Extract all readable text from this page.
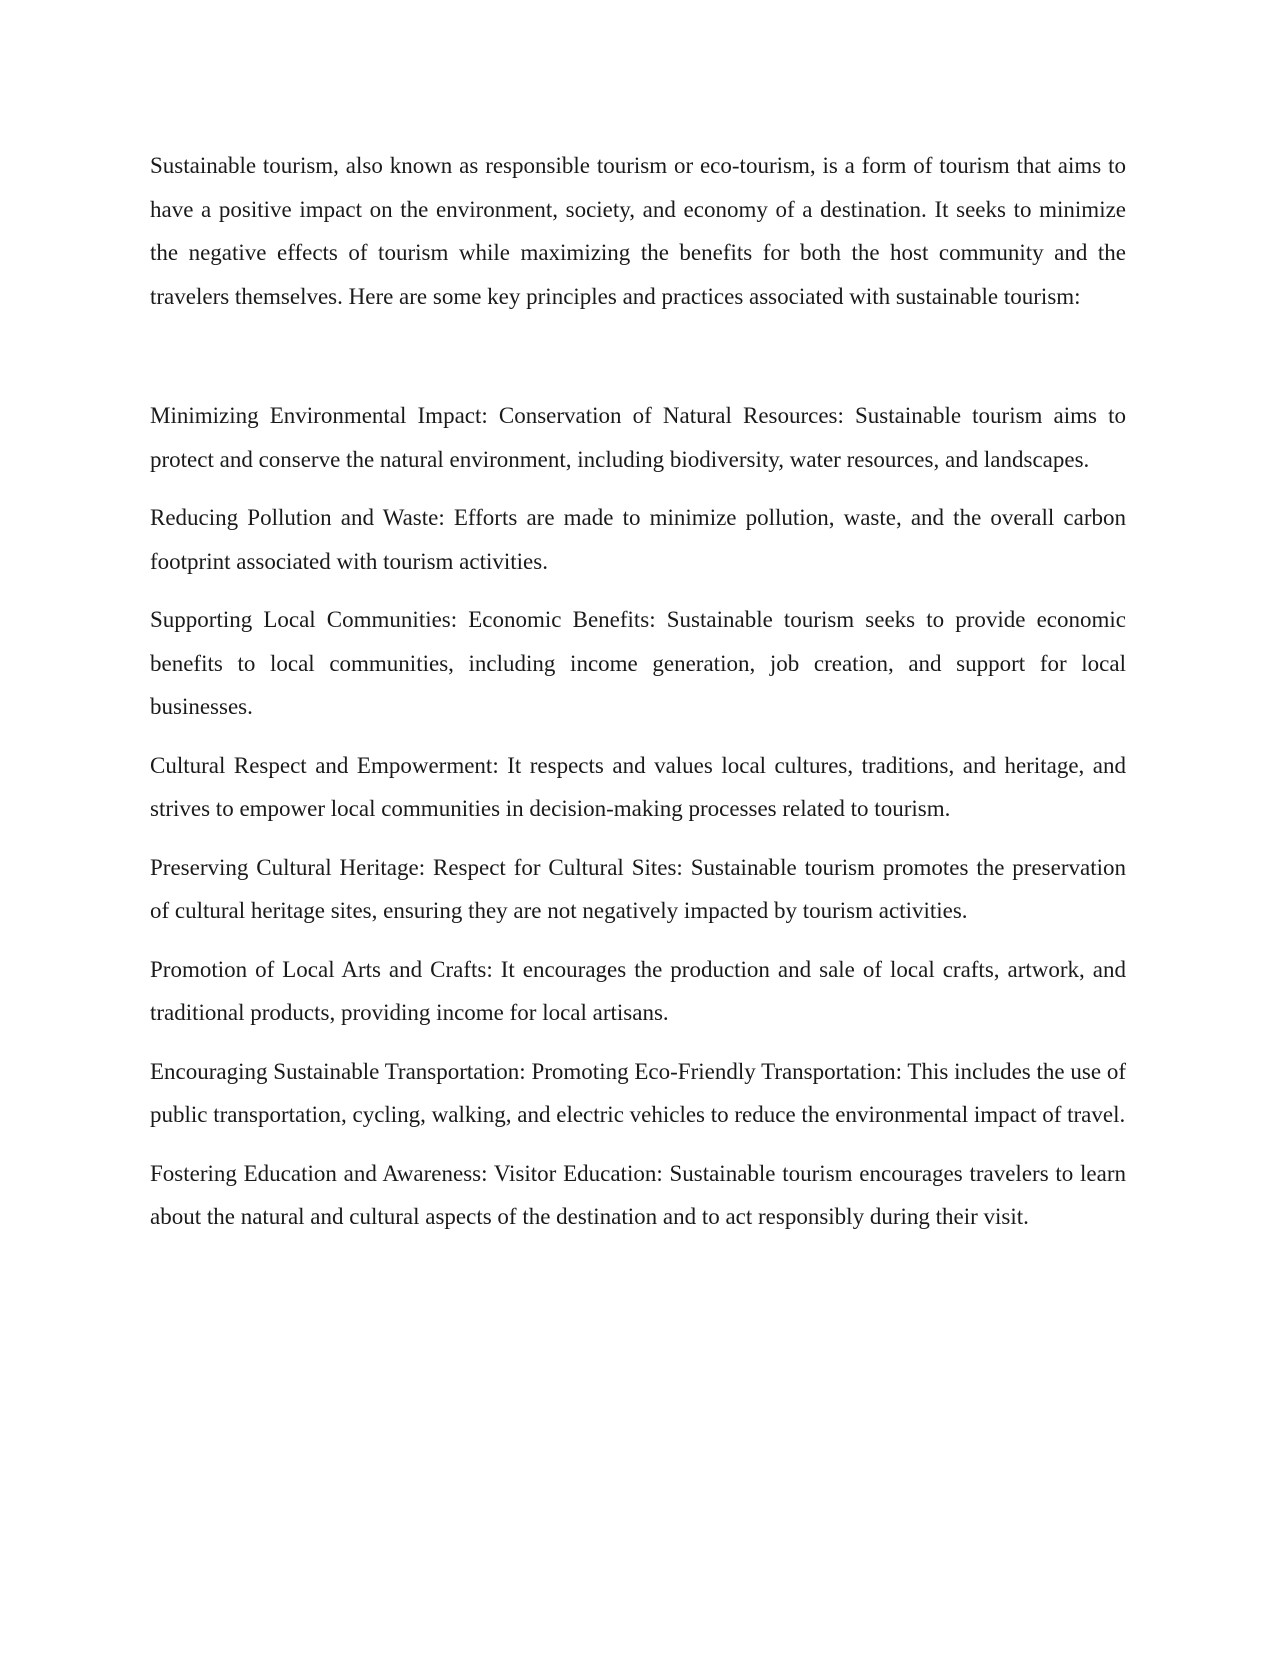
Sustainable tourism, also known as responsible tourism or eco-tourism, is a form of tourism that aims to have a positive impact on the environment, society, and economy of a destination. It seeks to minimize the negative effects of tourism while maximizing the benefits for both the host community and the travelers themselves. Here are some key principles and practices associated with sustainable tourism:

Minimizing Environmental Impact: Conservation of Natural Resources: Sustainable tourism aims to protect and conserve the natural environment, including biodiversity, water resources, and landscapes.

Reducing Pollution and Waste: Efforts are made to minimize pollution, waste, and the overall carbon footprint associated with tourism activities.

Supporting Local Communities: Economic Benefits: Sustainable tourism seeks to provide economic benefits to local communities, including income generation, job creation, and support for local businesses.

Cultural Respect and Empowerment: It respects and values local cultures, traditions, and heritage, and strives to empower local communities in decision-making processes related to tourism.

Preserving Cultural Heritage: Respect for Cultural Sites: Sustainable tourism promotes the preservation of cultural heritage sites, ensuring they are not negatively impacted by tourism activities.

Promotion of Local Arts and Crafts: It encourages the production and sale of local crafts, artwork, and traditional products, providing income for local artisans.

Encouraging Sustainable Transportation: Promoting Eco-Friendly Transportation: This includes the use of public transportation, cycling, walking, and electric vehicles to reduce the environmental impact of travel.

Fostering Education and Awareness: Visitor Education: Sustainable tourism encourages travelers to learn about the natural and cultural aspects of the destination and to act responsibly during their visit.
